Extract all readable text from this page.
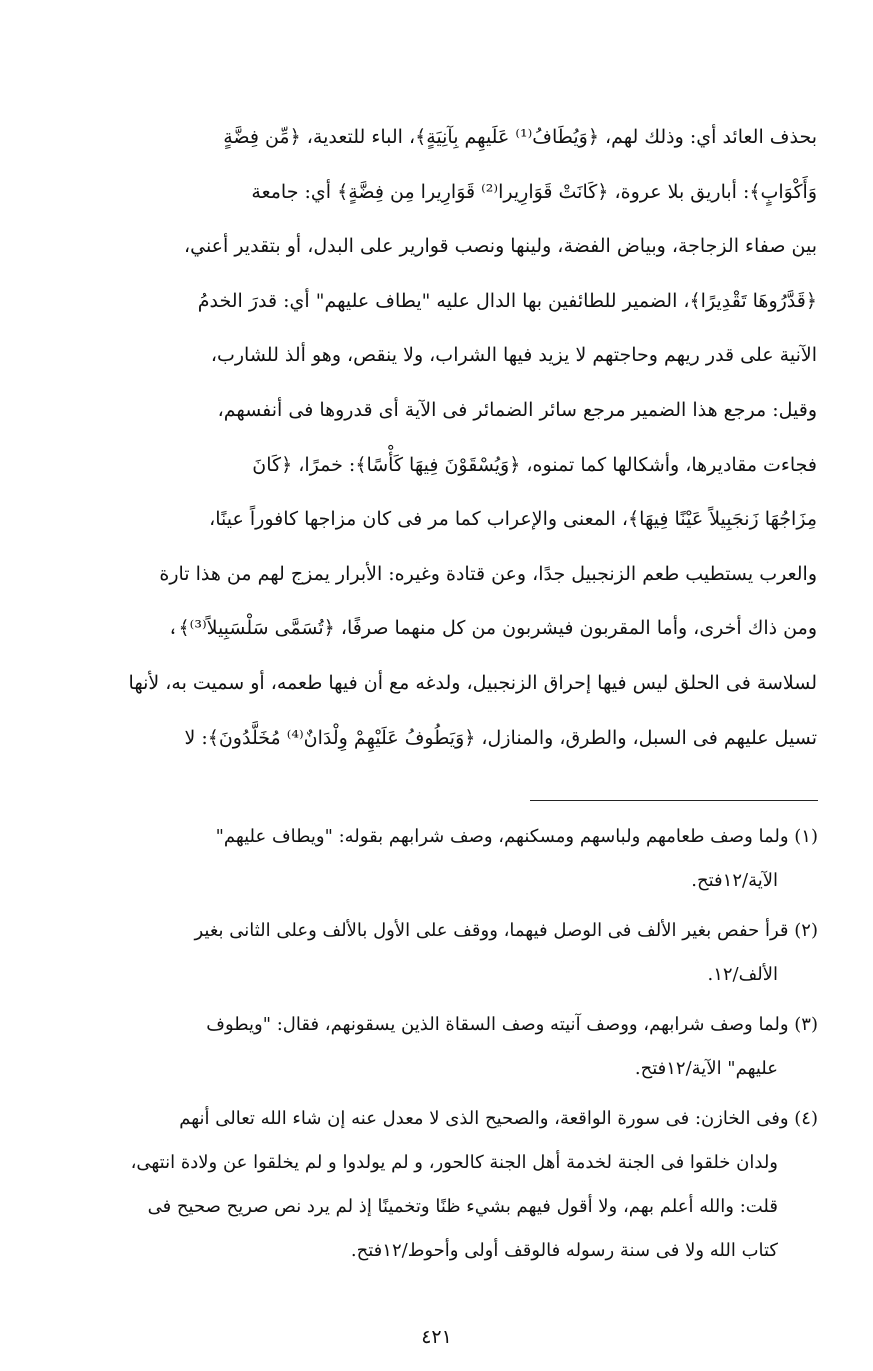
بحذف العائد أي: وذلك لهم، ﴿وَيُطَافُ⁽¹⁾ عَلَيهِم بِآنِيَةٍ﴾، الباء للتعدية، ﴿مِّن فِضَّةٍ
وَأَكْوَابٍ﴾: أباريق بلا عروة، ﴿كَانَتْ قَوَارِيرا⁽²⁾ قَوَارِيرا مِن فِضَّةٍ﴾ أي: جامعة
بين صفاء الزجاجة، وبياض الفضة، ولينها ونصب قوارير على البدل، أو بتقدير أعني،
﴿قَدَّرُوهَا تَقْدِيرًا﴾، الضمير للطائفين بها الدال عليه "يطاف عليهم" أي: قدرَ الخدمُ
الآنية على قدر ريهم وحاجتهم لا يزيد فيها الشراب، ولا ينقص، وهو ألذ للشارب،
وقيل: مرجع هذا الضمير مرجع سائر الضمائر فى الآية أى قدروها فى أنفسهم،
فجاءت مقاديرها، وأشكالها كما تمنوه، ﴿وَيُسْقَوْنَ فِيهَا كَأْسًا﴾: خمرًا، ﴿كَانَ
مِزَاجُهَا زَنجَبِيلاً عَيْنًا فِيهَا﴾، المعنى والإعراب كما مر فى كان مزاجها كافوراً عينًا،
والعرب يستطيب طعم الزنجبيل جدًا، وعن قتادة وغيره: الأبرار يمزج لهم من هذا تارة
ومن ذاك أخرى، وأما المقربون فيشربون من كل منهما صرفًا، ﴿تُسَمَّى سَلْسَبِيلاً⁽³⁾﴾،
لسلاسة فى الحلق ليس فيها إحراق الزنجبيل، ولدغه مع أن فيها طعمه، أو سميت به، لأنها
تسيل عليهم فى السبل، والطرق، والمنازل، ﴿وَيَطُوفُ عَلَيْهِمْ وِلْدَانٌ⁽⁴⁾ مُخَلَّدُونَ﴾: لا
(١) ولما وصف طعامهم ولباسهم ومسكنهم، وصف شرابهم بقوله: "ويطاف عليهم"
الآية/١٢فتح.
(٢) قرأ حفص بغير الألف فى الوصل فيهما، ووقف على الأول بالألف وعلى الثانى بغير
الألف/١٢.
(٣) ولما وصف شرابهم، ووصف آنيته وصف السقاة الذين يسقونهم، فقال: "ويطوف
عليهم" الآية/١٢فتح.
(٤) وفى الخازن: فى سورة الواقعة، والصحيح الذى لا معدل عنه إن شاء الله تعالى أنهم
ولدان خلقوا فى الجنة لخدمة أهل الجنة كالحور، و لم يولدوا و لم يخلقوا عن ولادة انتهى،
قلت: والله أعلم بهم، ولا أقول فيهم بشيء ظنًا وتخمينًا إذ لم يرد نص صريح صحيح فى
كتاب الله ولا فى سنة رسوله فالوقف أولى وأحوط/١٢فتح.
٤٢١
